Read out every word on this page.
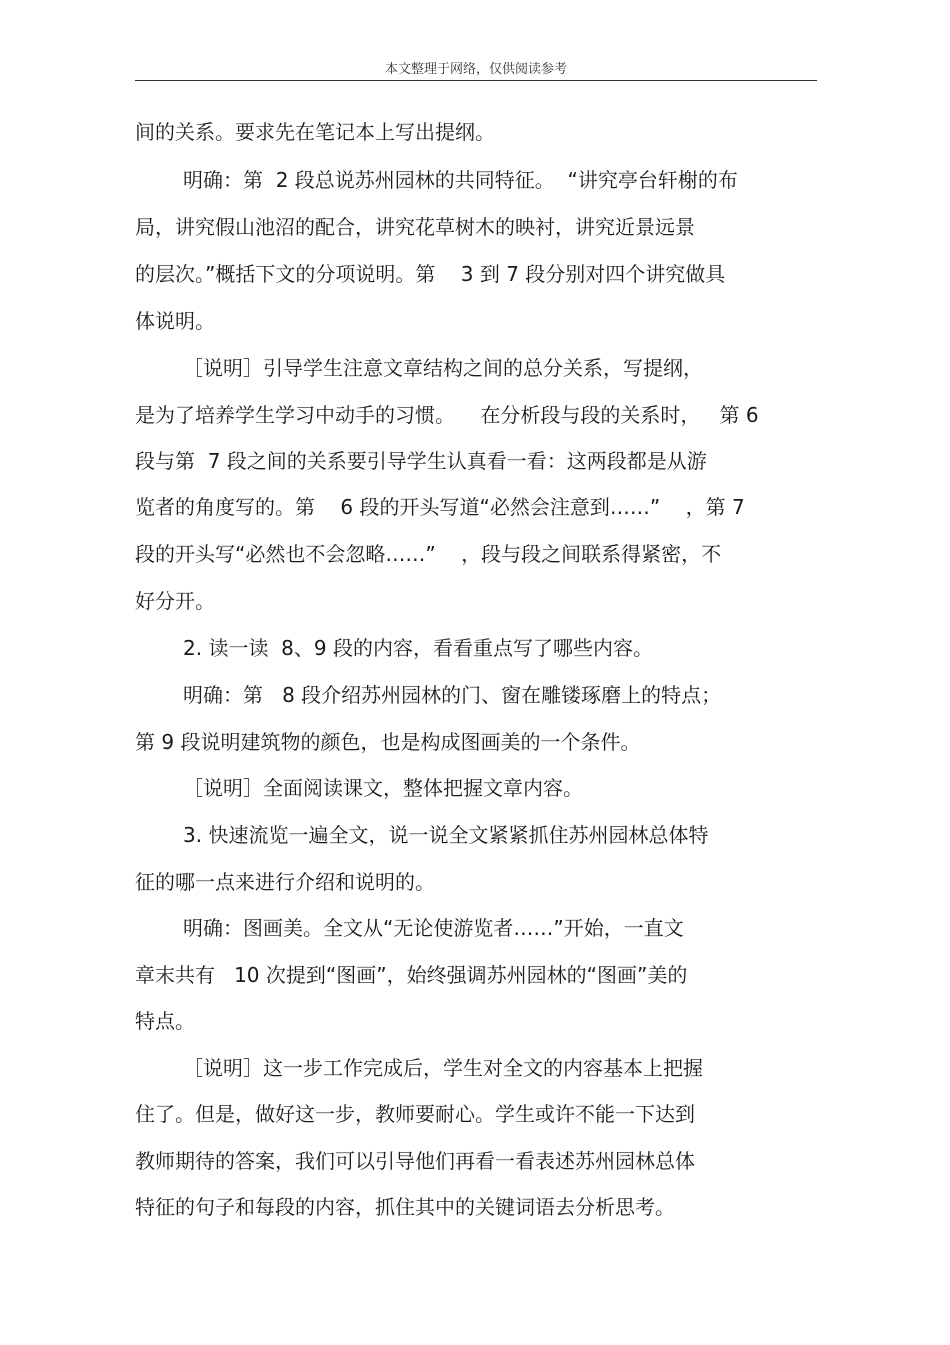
本文整理于网络，仅供阅读参考
间的关系。要求先在笔记本上写出提纲。
明确：第  2 段总说苏州园林的共同特征。  “讲究亭台轩榭的布
局，讲究假山池沼的配合，讲究花草树木的映衬，讲究近景远景
的层次。”概括下文的分项说明。第    3 到 7 段分别对四个讲究做具
体说明。
［说明］引导学生注意文章结构之间的总分关系，写提纲，
是为了培养学生学习中动手的习惯。    在分析段与段的关系时，   第 6
段与第  7 段之间的关系要引导学生认真看一看：这两段都是从游
览者的角度写的。第    6 段的开头写道“必然会注意到……”    ，第 7
段的开头写“必然也不会忽略……”    ，段与段之间联系得紧密，不
好分开。
2. 读一读  8、9 段的内容，看看重点写了哪些内容。
明确：第   8 段介绍苏州园林的门、窗在雕镂琢磨上的特点；
第 9 段说明建筑物的颜色，也是构成图画美的一个条件。
［说明］全面阅读课文，整体把握文章内容。
3. 快速流览一遍全文，说一说全文紧紧抓住苏州园林总体特
征的哪一点来进行介绍和说明的。
明确：图画美。全文从“无论使游览者……”开始，一直文
章末共有   10 次提到“图画”，始终强调苏州园林的“图画”美的
特点。
［说明］这一步工作完成后，学生对全文的内容基本上把握
住了。但是，做好这一步，教师要耐心。学生或许不能一下达到
教师期待的答案，我们可以引导他们再看一看表述苏州园林总体
特征的句子和每段的内容，抓住其中的关键词语去分析思考。
